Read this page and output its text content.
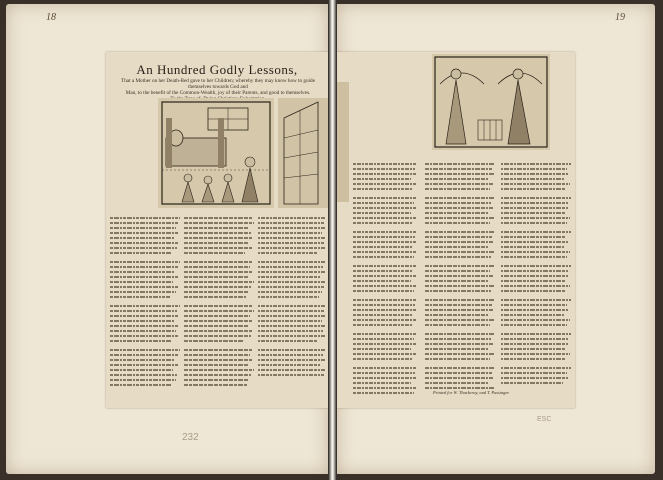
18
An Hundred Godly Lessons,
That a Mother on her Death-Bed gave to her Children; whereby they may know how to guide themselves towards God and
Man, to the benefit of the Common-Wealth, joy of their Parents, and good to themselves.
232
19
Printed for W. Thackeray, and T. Passinger.
ESC
